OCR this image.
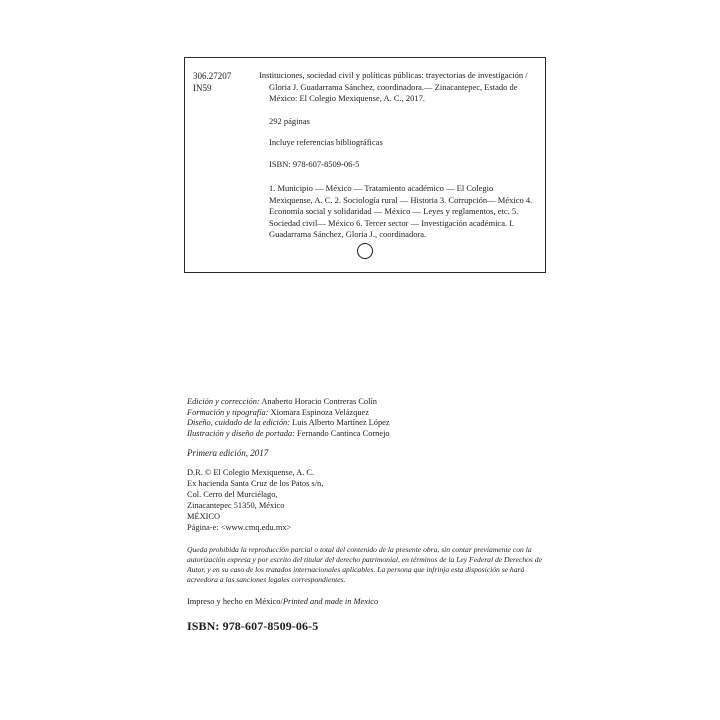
306.27207
IN59
Instituciones, sociedad civil y políticas públicas: trayectorias de investigación / Gloria J. Guadarrama Sánchez, coordinadora.— Zinacantepec, Estado de México: El Colegio Mexiquense, A. C., 2017.
292 páginas
Incluye referencias bibliográficas
ISBN: 978-607-8509-06-5
1. Municipio — México — Tratamiento académico — El Colegio Mexiquense, A. C. 2. Sociología rural — Historia 3. Corrupción— México 4. Economía social y solidaridad — México — Leyes y reglamentos, etc. 5. Sociedad civil— México 6. Tercer sector — Investigación académica. I. Guadarrama Sánchez, Gloria J., coordinadora.
Edición y corrección: Anaberto Horacio Contreras Colín
Formación y tipografía: Xiomara Espinoza Velázquez
Diseño, cuidado de la edición: Luis Alberto Martínez López
Ilustración y diseño de portada: Fernando Cantinca Cornejo
Primera edición, 2017
D.R. © El Colegio Mexiquense, A. C.
Ex hacienda Santa Cruz de los Patos s/n,
Col. Cerro del Murciélago,
Zinacantepec 51350, México
MÉXICO
Página-e: <www.cmq.edu.mx>
Queda prohibida la reproducción parcial o total del contenido de la presente obra, sin contar previamente con la autorización expresa y por escrito del titular del derecho patrimonial, en términos de la Ley Federal de Derechos de Autor, y en su caso de los tratados internacionales aplicables. La persona que infrinja esta disposición se hará acreedora a las sanciones legales correspondientes.
Impreso y hecho en México/Printed and made in Mexico
ISBN: 978-607-8509-06-5
